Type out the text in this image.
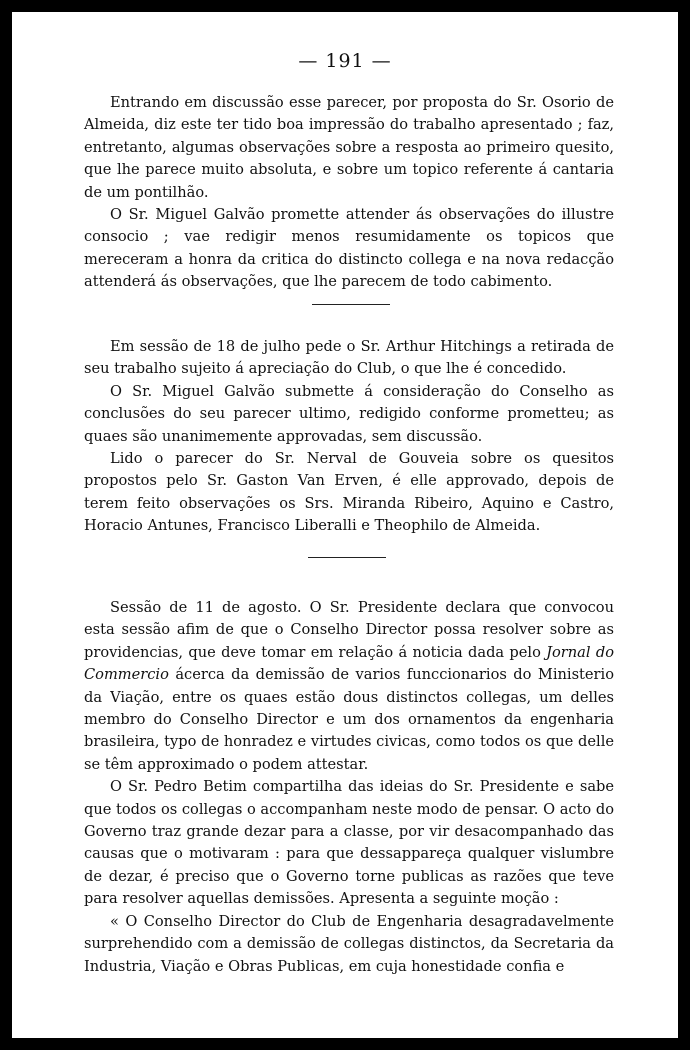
— 191 —

Entrando em discussão esse parecer, por proposta do Sr. Osorio de Almeida, diz este ter tido boa impressão do trabalho apresentado ; faz, entretanto, algumas observações sobre a resposta ao primeiro quesito, que lhe parece muito absoluta, e sobre um topico referente á cantaria de um pontilhão.

O Sr. Miguel Galvão promette attender ás observações do illustre consocio ; vae redigir menos resumidamente os topicos que mereceram a honra da critica do distincto collega e na nova redacção attenderá ás observações, que lhe parecem de todo cabimento.

Em sessão de 18 de julho pede o Sr. Arthur Hitchings a retirada de seu trabalho sujeito á apreciação do Club, o que lhe é concedido.

O Sr. Miguel Galvão submette á consideração do Conselho as conclusões do seu parecer ultimo, redigido conforme prometteu; as quaes são unanimemente approvadas, sem discussão.

Lido o parecer do Sr. Nerval de Gouveia sobre os quesitos propostos pelo Sr. Gaston Van Erven, é elle approvado, depois de terem feito observações os Srs. Miranda Ribeiro, Aquino e Castro, Horacio Antunes, Francisco Liberalli e Theophilo de Almeida.

Sessão de 11 de agosto. O Sr. Presidente declara que convocou esta sessão afim de que o Conselho Director possa resolver sobre as providencias, que deve tomar em relação á noticia dada pelo Jornal do Commercio ácerca da demissão de varios funccionarios do Ministerio da Viação, entre os quaes estão dous distinctos collegas, um delles membro do Conselho Director e um dos ornamentos da engenharia brasileira, typo de honradez e virtudes civicas, como todos os que delle se têm approximado o podem attestar.

O Sr. Pedro Betim compartilha das ideias do Sr. Presidente e sabe que todos os collegas o accompanham neste modo de pensar. O acto do Governo traz grande dezar para a classe, por vir desacompanhado das causas que o motivaram : para que dessappareça qualquer vislumbre de dezar, é preciso que o Governo torne publicas as razões que teve para resolver aquellas demissões. Apresenta a seguinte moção :

« O Conselho Director do Club de Engenharia desagradavelmente surprehendido com a demissão de collegas distinctos, da Secretaria da Industria, Viação e Obras Publicas, em cuja honestidade confia e
